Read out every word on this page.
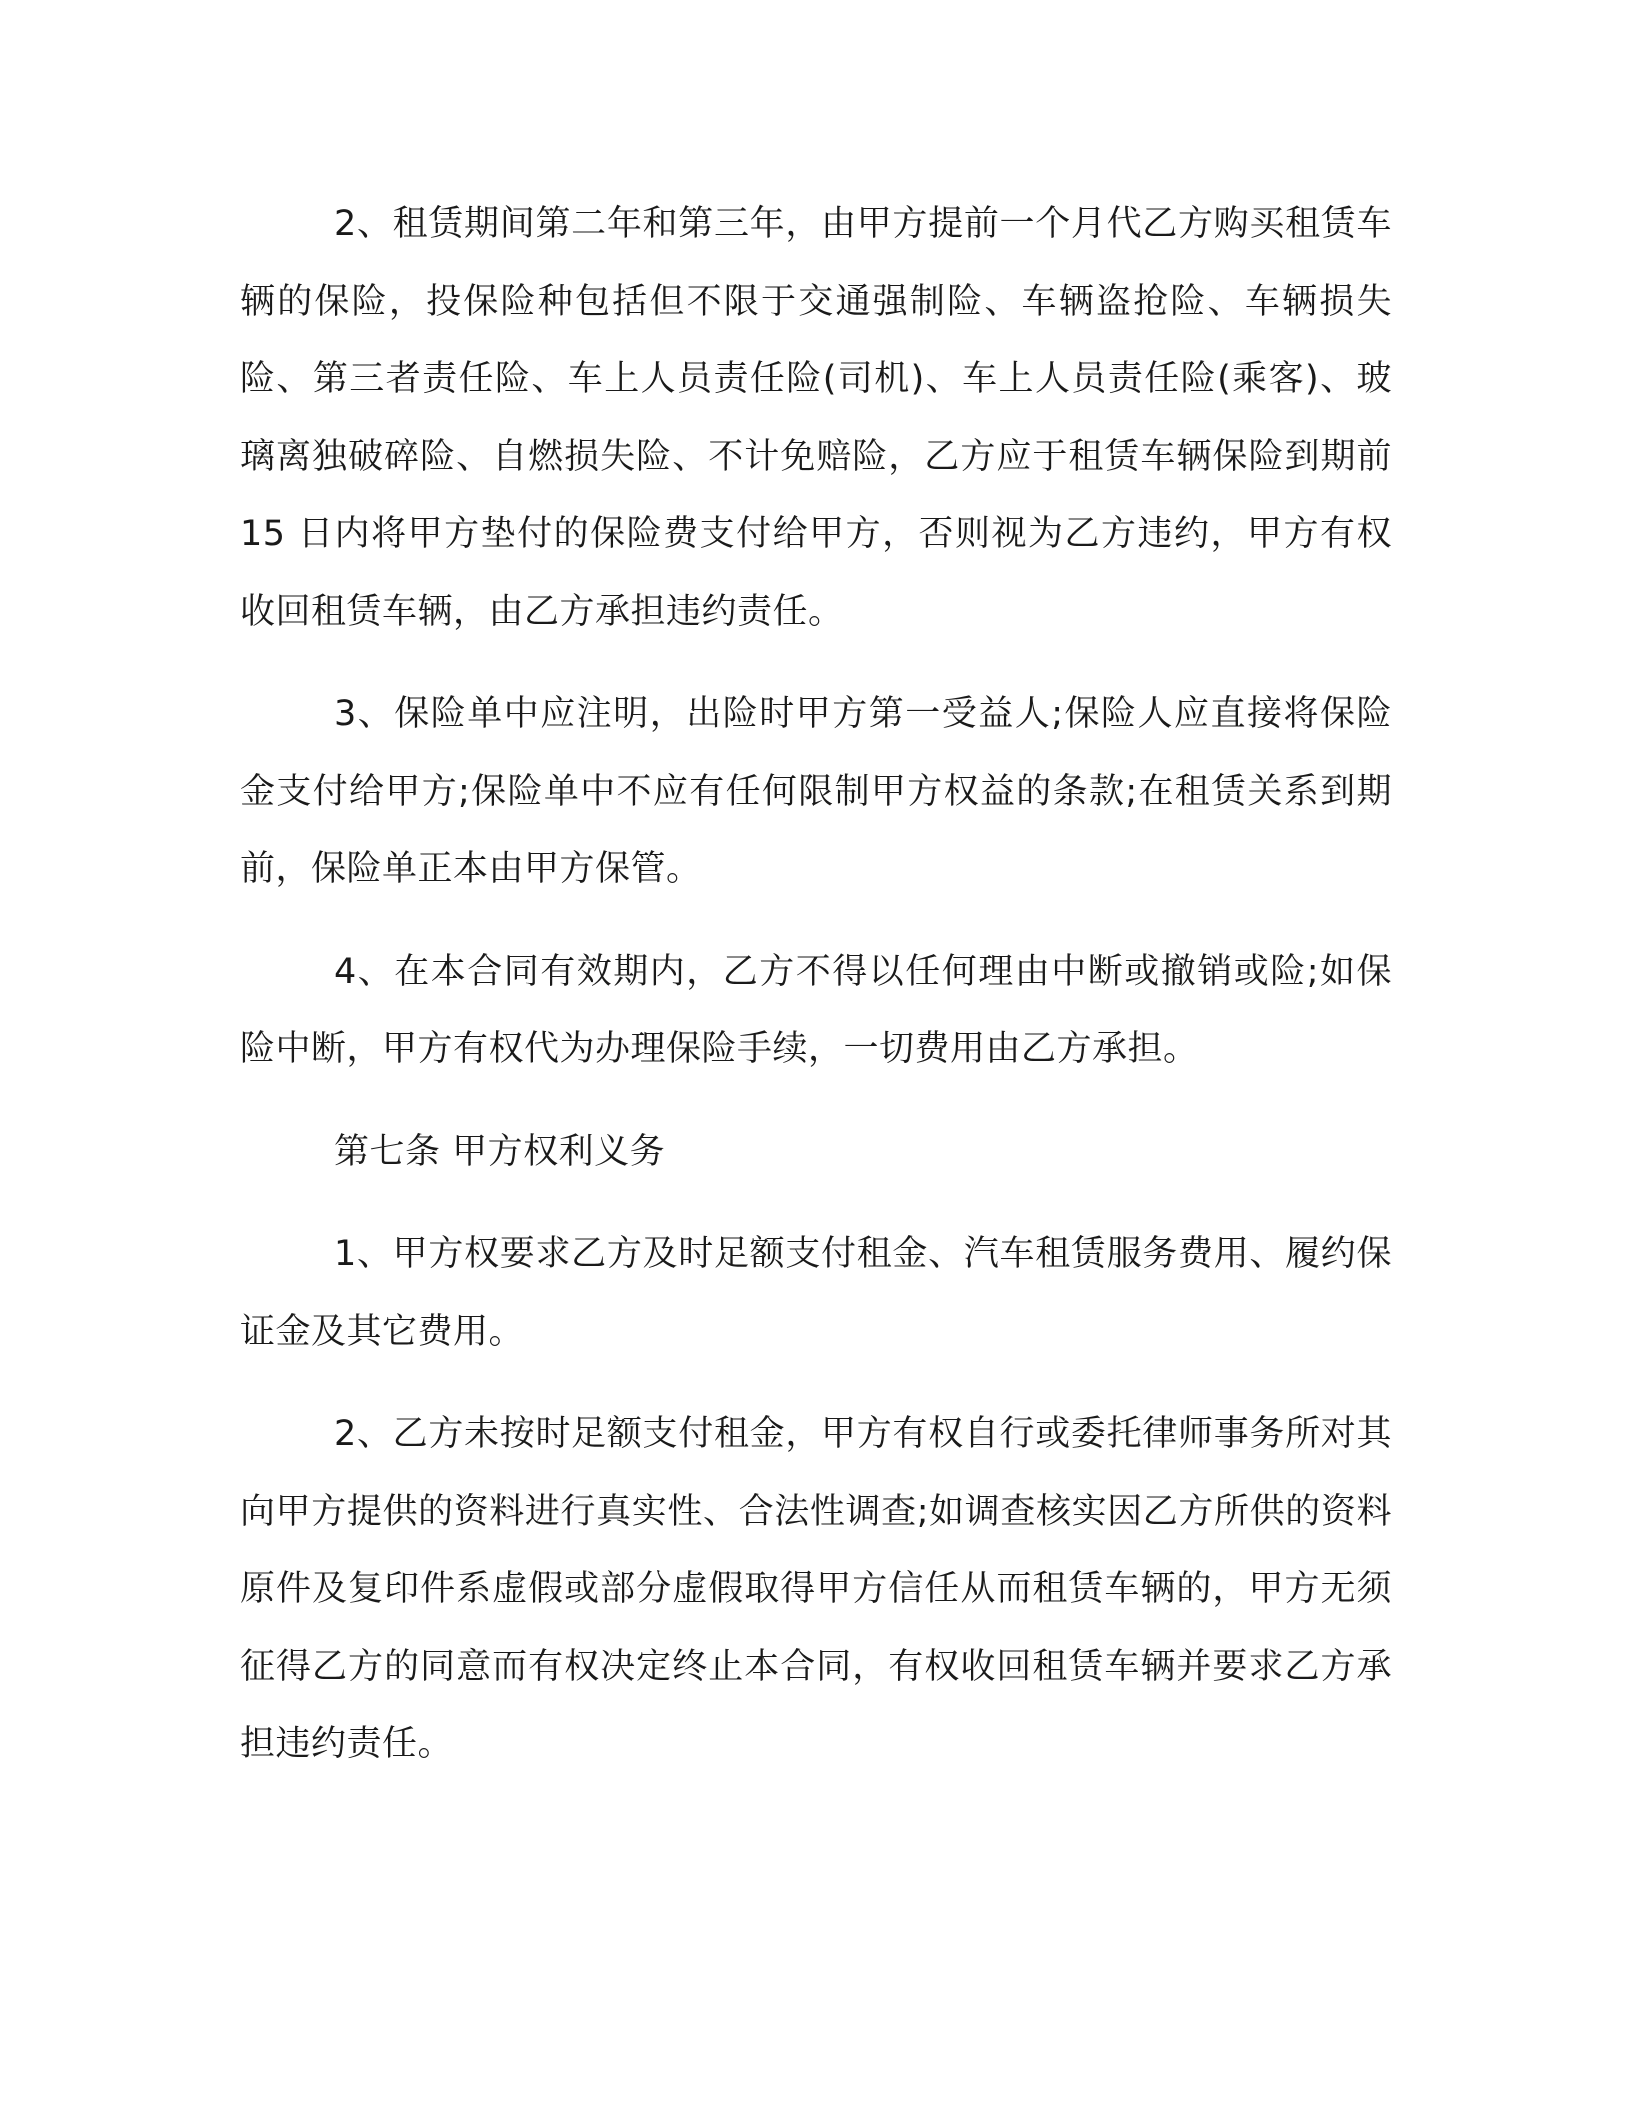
2、租赁期间第二年和第三年，由甲方提前一个月代乙方购买租赁车辆的保险，投保险种包括但不限于交通强制险、车辆盗抢险、车辆损失险、第三者责任险、车上人员责任险(司机)、车上人员责任险(乘客)、玻璃离独破碎险、自燃损失险、不计免赔险，乙方应于租赁车辆保险到期前 15 日内将甲方垫付的保险费支付给甲方，否则视为乙方违约，甲方有权收回租赁车辆，由乙方承担违约责任。

3、保险单中应注明，出险时甲方第一受益人;保险人应直接将保险金支付给甲方;保险单中不应有任何限制甲方权益的条款;在租赁关系到期前，保险单正本由甲方保管。

4、在本合同有效期内，乙方不得以任何理由中断或撤销或险;如保险中断，甲方有权代为办理保险手续，一切费用由乙方承担。

第七条 甲方权利义务

1、甲方权要求乙方及时足额支付租金、汽车租赁服务费用、履约保证金及其它费用。

2、乙方未按时足额支付租金，甲方有权自行或委托律师事务所对其向甲方提供的资料进行真实性、合法性调查;如调查核实因乙方所供的资料原件及复印件系虚假或部分虚假取得甲方信任从而租赁车辆的，甲方无须征得乙方的同意而有权决定终止本合同，有权收回租赁车辆并要求乙方承担违约责任。
